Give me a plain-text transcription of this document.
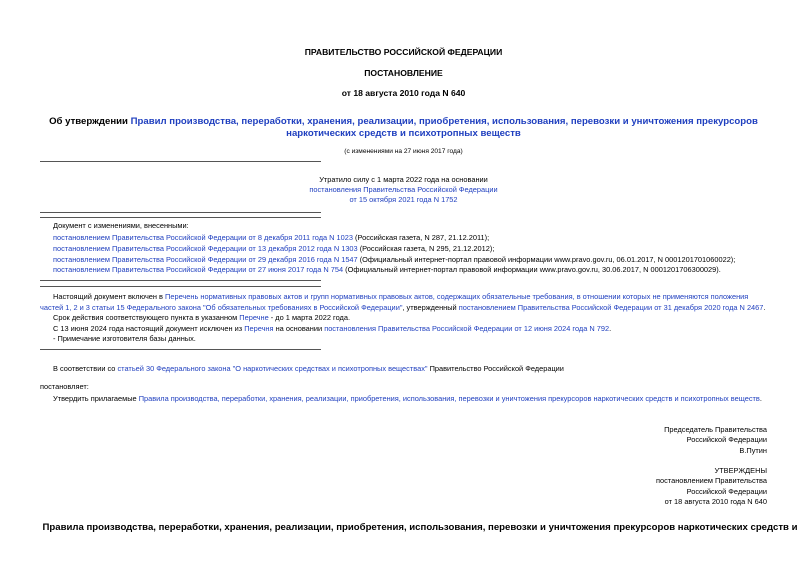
ПРАВИТЕЛЬСТВО РОССИЙСКОЙ ФЕДЕРАЦИИ
ПОСТАНОВЛЕНИЕ
от 18 августа 2010 года N 640
Об утверждении Правил производства, переработки, хранения, реализации, приобретения, использования, перевозки и уничтожения прекурсоров наркотических средств и психотропных веществ
(с изменениями на 27 июня 2017 года)
Утратило силу с 1 марта 2022 года на основании
постановления Правительства Российской Федерации
от 15 октября 2021 года N 1752
Документ с изменениями, внесенными:
постановлением Правительства Российской Федерации от 8 декабря 2011 года N 1023 (Российская газета, N 287, 21.12.2011);
постановлением Правительства Российской Федерации от 13 декабря 2012 года N 1303 (Российская газета, N 295, 21.12.2012);
постановлением Правительства Российской Федерации от 29 декабря 2016 года N 1547 (Официальный интернет-портал правовой информации www.pravo.gov.ru, 06.01.2017, N 0001201701060022);
постановлением Правительства Российской Федерации от 27 июня 2017 года N 754 (Официальный интернет-портал правовой информации www.pravo.gov.ru, 30.06.2017, N 0001201706300029).
Настоящий документ включен в Перечень нормативных правовых актов и групп нормативных правовых актов, содержащих обязательные требования, в отношении которых не применяются положения частей 1, 2 и 3 статьи 15 Федерального закона "Об обязательных требованиях в Российской Федерации", утвержденный постановлением Правительства Российской Федерации от 31 декабря 2020 года N 2467.
Срок действия соответствующего пункта в указанном Перечне - до 1 марта 2022 года.
С 13 июня 2024 года настоящий документ исключен из Перечня на основании постановления Правительства Российской Федерации от 12 июня 2024 года N 792.
- Примечание изготовителя базы данных.
В соответствии со статьей 30 Федерального закона "О наркотических средствах и психотропных веществах" Правительство Российской Федерации
постановляет:
Утвердить прилагаемые Правила производства, переработки, хранения, реализации, приобретения, использования, перевозки и уничтожения прекурсоров наркотических средств и психотропных веществ.
Председатель Правительства
Российской Федерации
В.Путин
УТВЕРЖДЕНЫ
постановлением Правительства
Российской Федерации
от 18 августа 2010 года N 640
Правила производства, переработки, хранения, реализации, приобретения, использования, перевозки и уничтожения прекурсоров наркотических средств и
